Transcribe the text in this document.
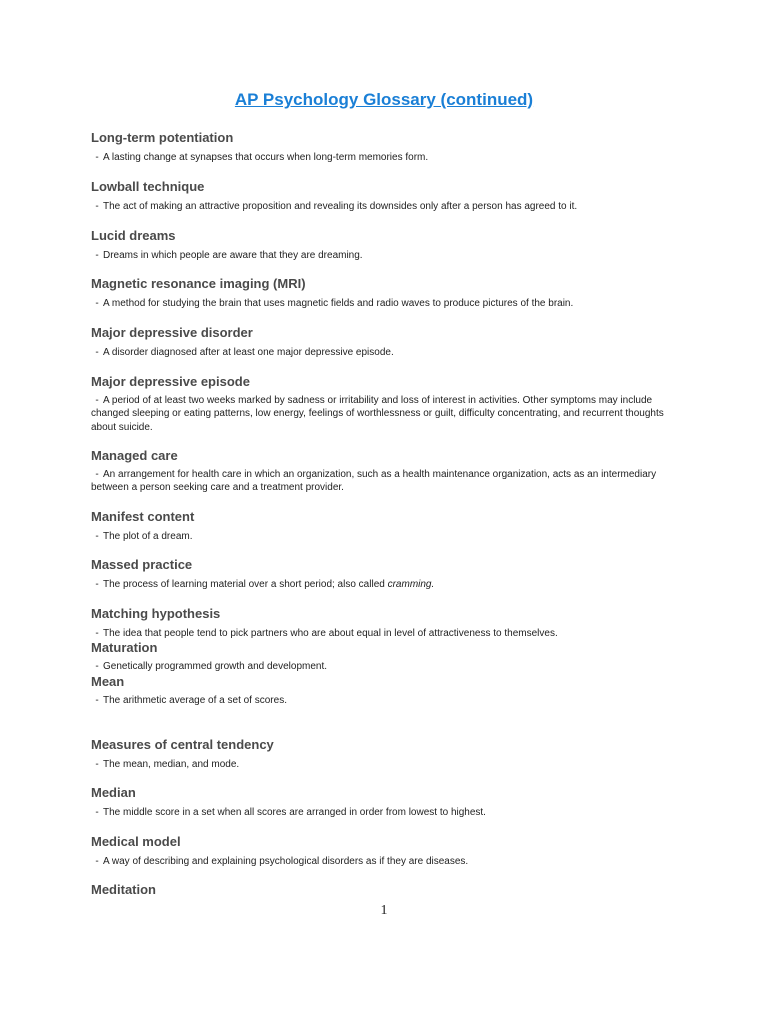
AP Psychology Glossary (continued)
Long-term potentiation
- A lasting change at synapses that occurs when long-term memories form.
Lowball technique
- The act of making an attractive proposition and revealing its downsides only after a person has agreed to it.
Lucid dreams
- Dreams in which people are aware that they are dreaming.
Magnetic resonance imaging (MRI)
- A method for studying the brain that uses magnetic fields and radio waves to produce pictures of the brain.
Major depressive disorder
- A disorder diagnosed after at least one major depressive episode.
Major depressive episode
- A period of at least two weeks marked by sadness or irritability and loss of interest in activities. Other symptoms may include changed sleeping or eating patterns, low energy, feelings of worthlessness or guilt, difficulty concentrating, and recurrent thoughts about suicide.
Managed care
- An arrangement for health care in which an organization, such as a health maintenance organization, acts as an intermediary between a person seeking care and a treatment provider.
Manifest content
- The plot of a dream.
Massed practice
- The process of learning material over a short period; also called cramming.
Matching hypothesis
- The idea that people tend to pick partners who are about equal in level of attractiveness to themselves.
Maturation
- Genetically programmed growth and development.
Mean
- The arithmetic average of a set of scores.
Measures of central tendency
- The mean, median, and mode.
Median
- The middle score in a set when all scores are arranged in order from lowest to highest.
Medical model
- A way of describing and explaining psychological disorders as if they are diseases.
Meditation
1
